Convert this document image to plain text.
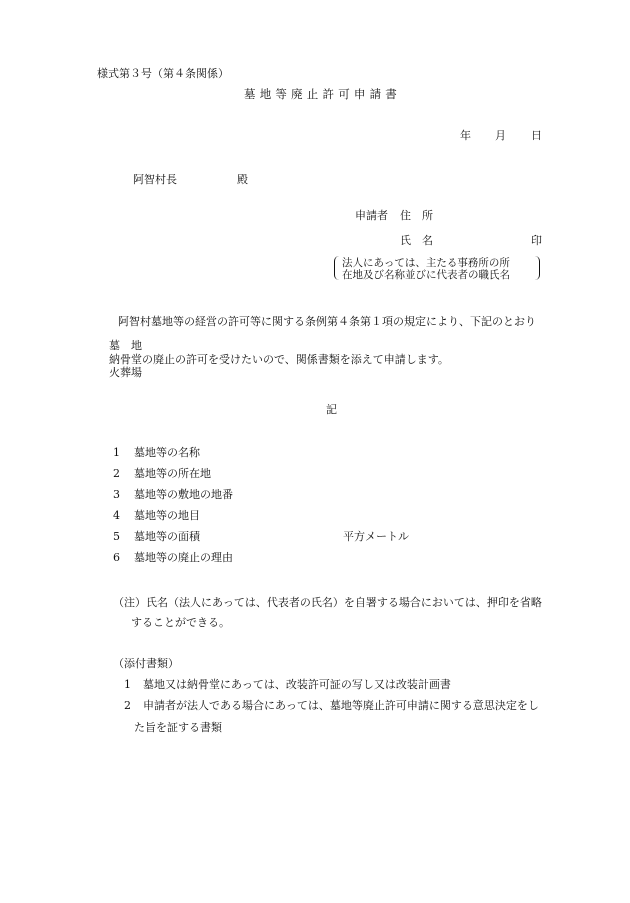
様式第３号（第４条関係）
墓地等廃止許可申請書
年 月 日
阿智村長	殿
申請者 住　所
氏　名	印
法人にあっては、主たる事務所の所
在地及び名称並びに代表者の職氏名
阿智村墓地等の経営の許可等に関する条例第４条第１項の規定により、下記のとおり
墓　地
納骨堂の廃止の許可を受けたいので、関係書類を添えて申請します。
火葬場
記
1 墓地等の名称
2 墓地等の所在地
3 墓地等の敷地の地番
4 墓地等の地目
5 墓地等の面積	平方メートル
6 墓地等の廃止の理由
（注）氏名（法人にあっては、代表者の氏名）を自署する場合においては、押印を省略
することができる。
（添付書類）
1 墓地又は納骨堂にあっては、改装許可証の写し又は改装計画書
2 申請者が法人である場合にあっては、墓地等廃止許可申請に関する意思決定をし
た旨を証する書類
